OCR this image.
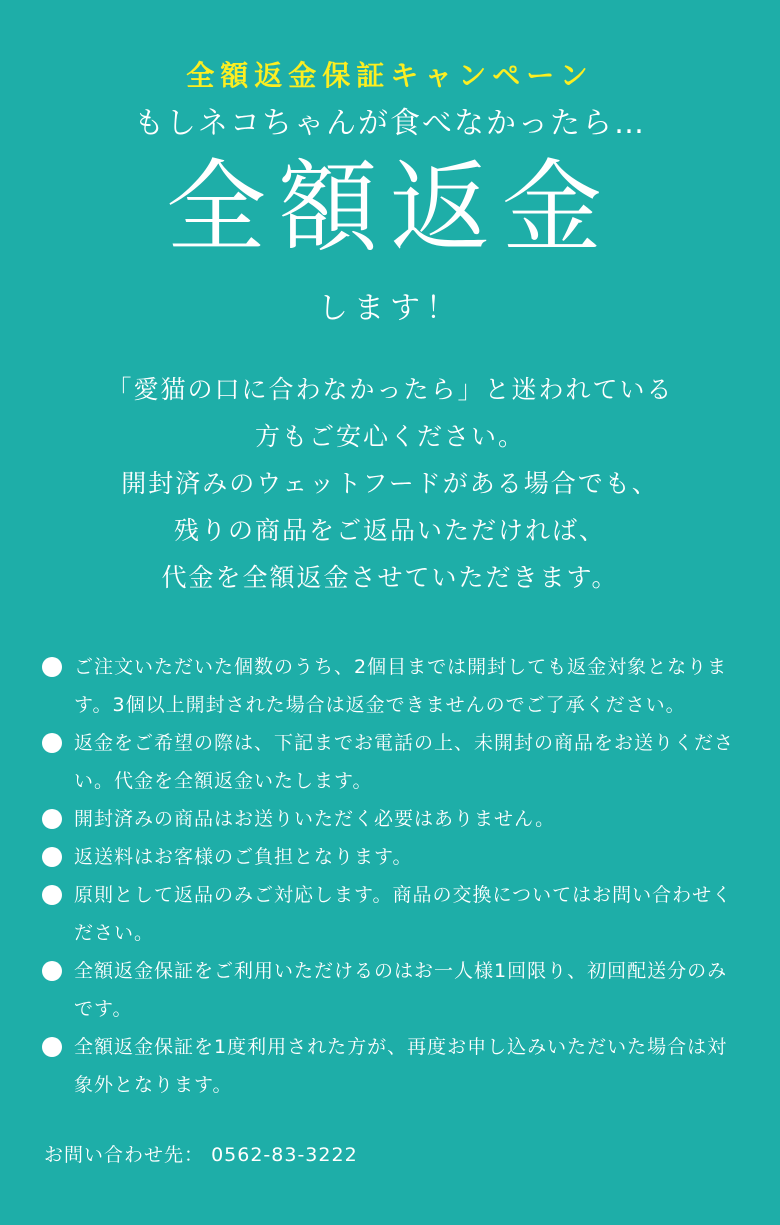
全額返金保証キャンペーン
もしネコちゃんが食べなかったら…
全額返金
します！

「愛猫の口に合わなかったら」と迷われている

方もご安心ください。

開封済みのウェットフードがある場合でも、

残りの商品をご返品いただければ、

代金を全額返金させていただきます。

ご注文いただいた個数のうち、2個目までは開封しても返金対象となります。3個以上開封された場合は返金できませんのでご了承ください。
返金をご希望の際は、下記までお電話の上、未開封の商品をお送りください。代金を全額返金いたします。
開封済みの商品はお送りいただく必要はありません。
返送料はお客様のご負担となります。
原則として返品のみご対応します。商品の交換についてはお問い合わせください。
全額返金保証をご利用いただけるのはお一人様1回限り、初回配送分のみです。
全額返金保証を1度利用された方が、再度お申し込みいただいた場合は対象外となります。
お問い合わせ先： 0562-83-3222
